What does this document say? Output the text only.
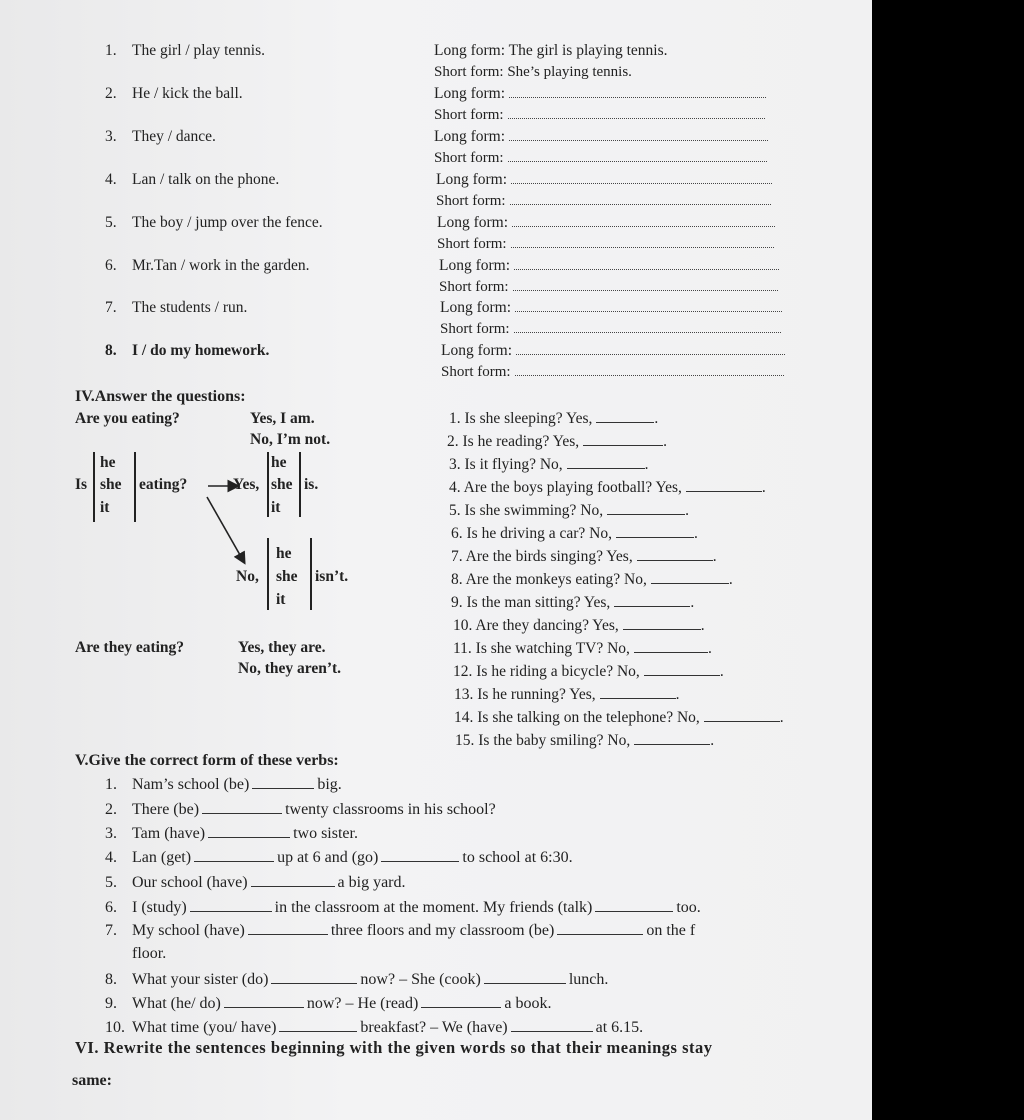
1. The girl / play tennis.	Long form: The girl is playing tennis.
Short form: She’s playing tennis.
2. He / kick the ball.	Long form:
Short form:
3. They / dance.	Long form:
Short form:
4. Lan / talk on the phone.	Long form:
Short form:
5. The boy / jump over the fence.	Long form:
Short form:
6. Mr.Tan / work in the garden.	Long form:
Short form:
7. The students / run.	Long form:
Short form:
8. I / do my homework.	Long form:
Short form:
IV.Answer the questions:
Are you eating?	Yes, I am.
No, I’m not.
Is
he
she
it
eating?	Yes,
he
she
it
is.
No,
he
she
it
isn’t.
Are they eating?	Yes, they are.
No, they aren’t.
1. Is she sleeping? Yes,	.
2. Is he reading? Yes,	.
3. Is it flying? No,	.
4. Are the boys playing football? Yes,	.
5. Is she swimming? No,	.
6. Is he driving a car? No,	.
7. Are the birds singing? Yes,	.
8. Are the monkeys eating? No,	.
9. Is the man sitting? Yes,	.
10. Are they dancing? Yes,	.
11. Is she watching TV? No,	.
12. Is he riding a bicycle? No,	.
13. Is he running? Yes,	.
14. Is she talking on the telephone? No,	.
15. Is the baby smiling? No,	.
V.Give the correct form of these verbs:
1. Nam’s school (be)	big.
2. There (be)	twenty classrooms in his school?
3. Tam (have)	two sister.
4. Lan (get)	up at 6 and (go)	to school at 6:30.
5. Our school (have)	a big yard.
6. I (study)	in the classroom at the moment. My friends (talk)	too.
7. My school (have)	three floors and my classroom (be)	on the f
floor.
8. What your sister (do)	now? – She (cook)	lunch.
9. What (he/ do)	now? – He (read)	a book.
10. What time (you/ have)	breakfast? – We (have)	at 6.15.
VI. Rewrite the sentences beginning with the given words so that their meanings stay
same:
